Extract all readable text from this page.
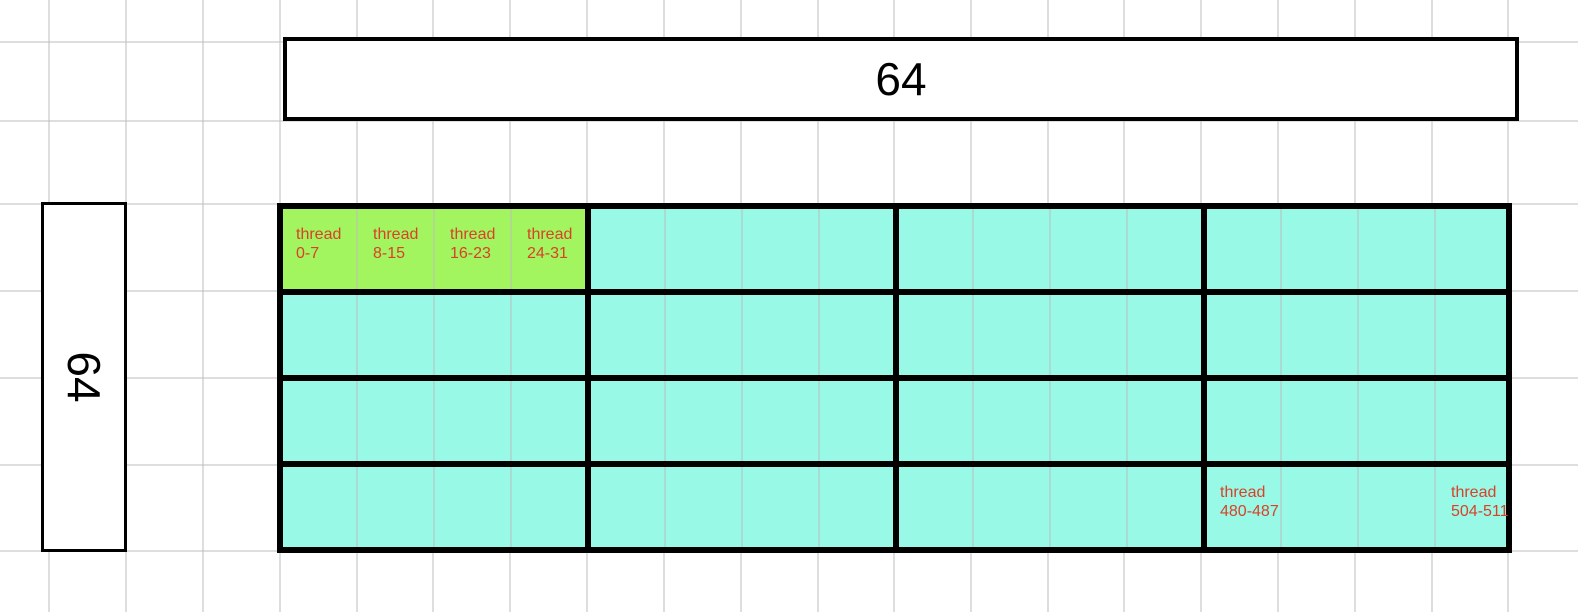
64
64
thread
0-7
thread
8-15
thread
16-23
thread
24-31
thread
480-487
thread
504-511
